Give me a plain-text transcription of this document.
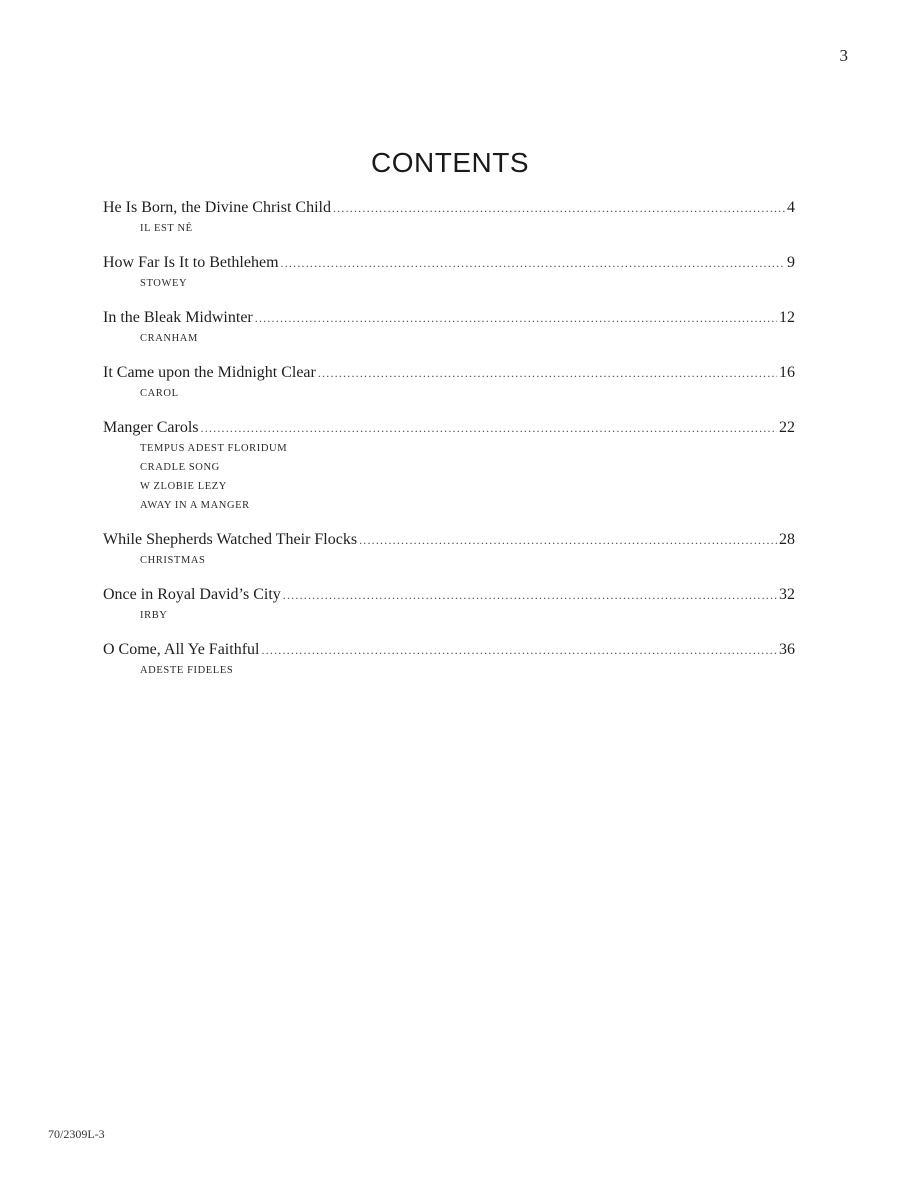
3
CONTENTS
He Is Born, the Divine Christ Child .....	4
IL EST NÉ
How Far Is It to Bethlehem .....	9
STOWEY
In the Bleak Midwinter .....	12
CRANHAM
It Came upon the Midnight Clear .....	16
CAROL
Manger Carols .....	22
TEMPUS ADEST FLORIDUM
CRADLE SONG
W ZLOBIE LEZY
AWAY IN A MANGER
While Shepherds Watched Their Flocks .....	28
CHRISTMAS
Once in Royal David’s City .....	32
IRBY
O Come, All Ye Faithful .....	36
ADESTE FIDELES
70/2309L-3
